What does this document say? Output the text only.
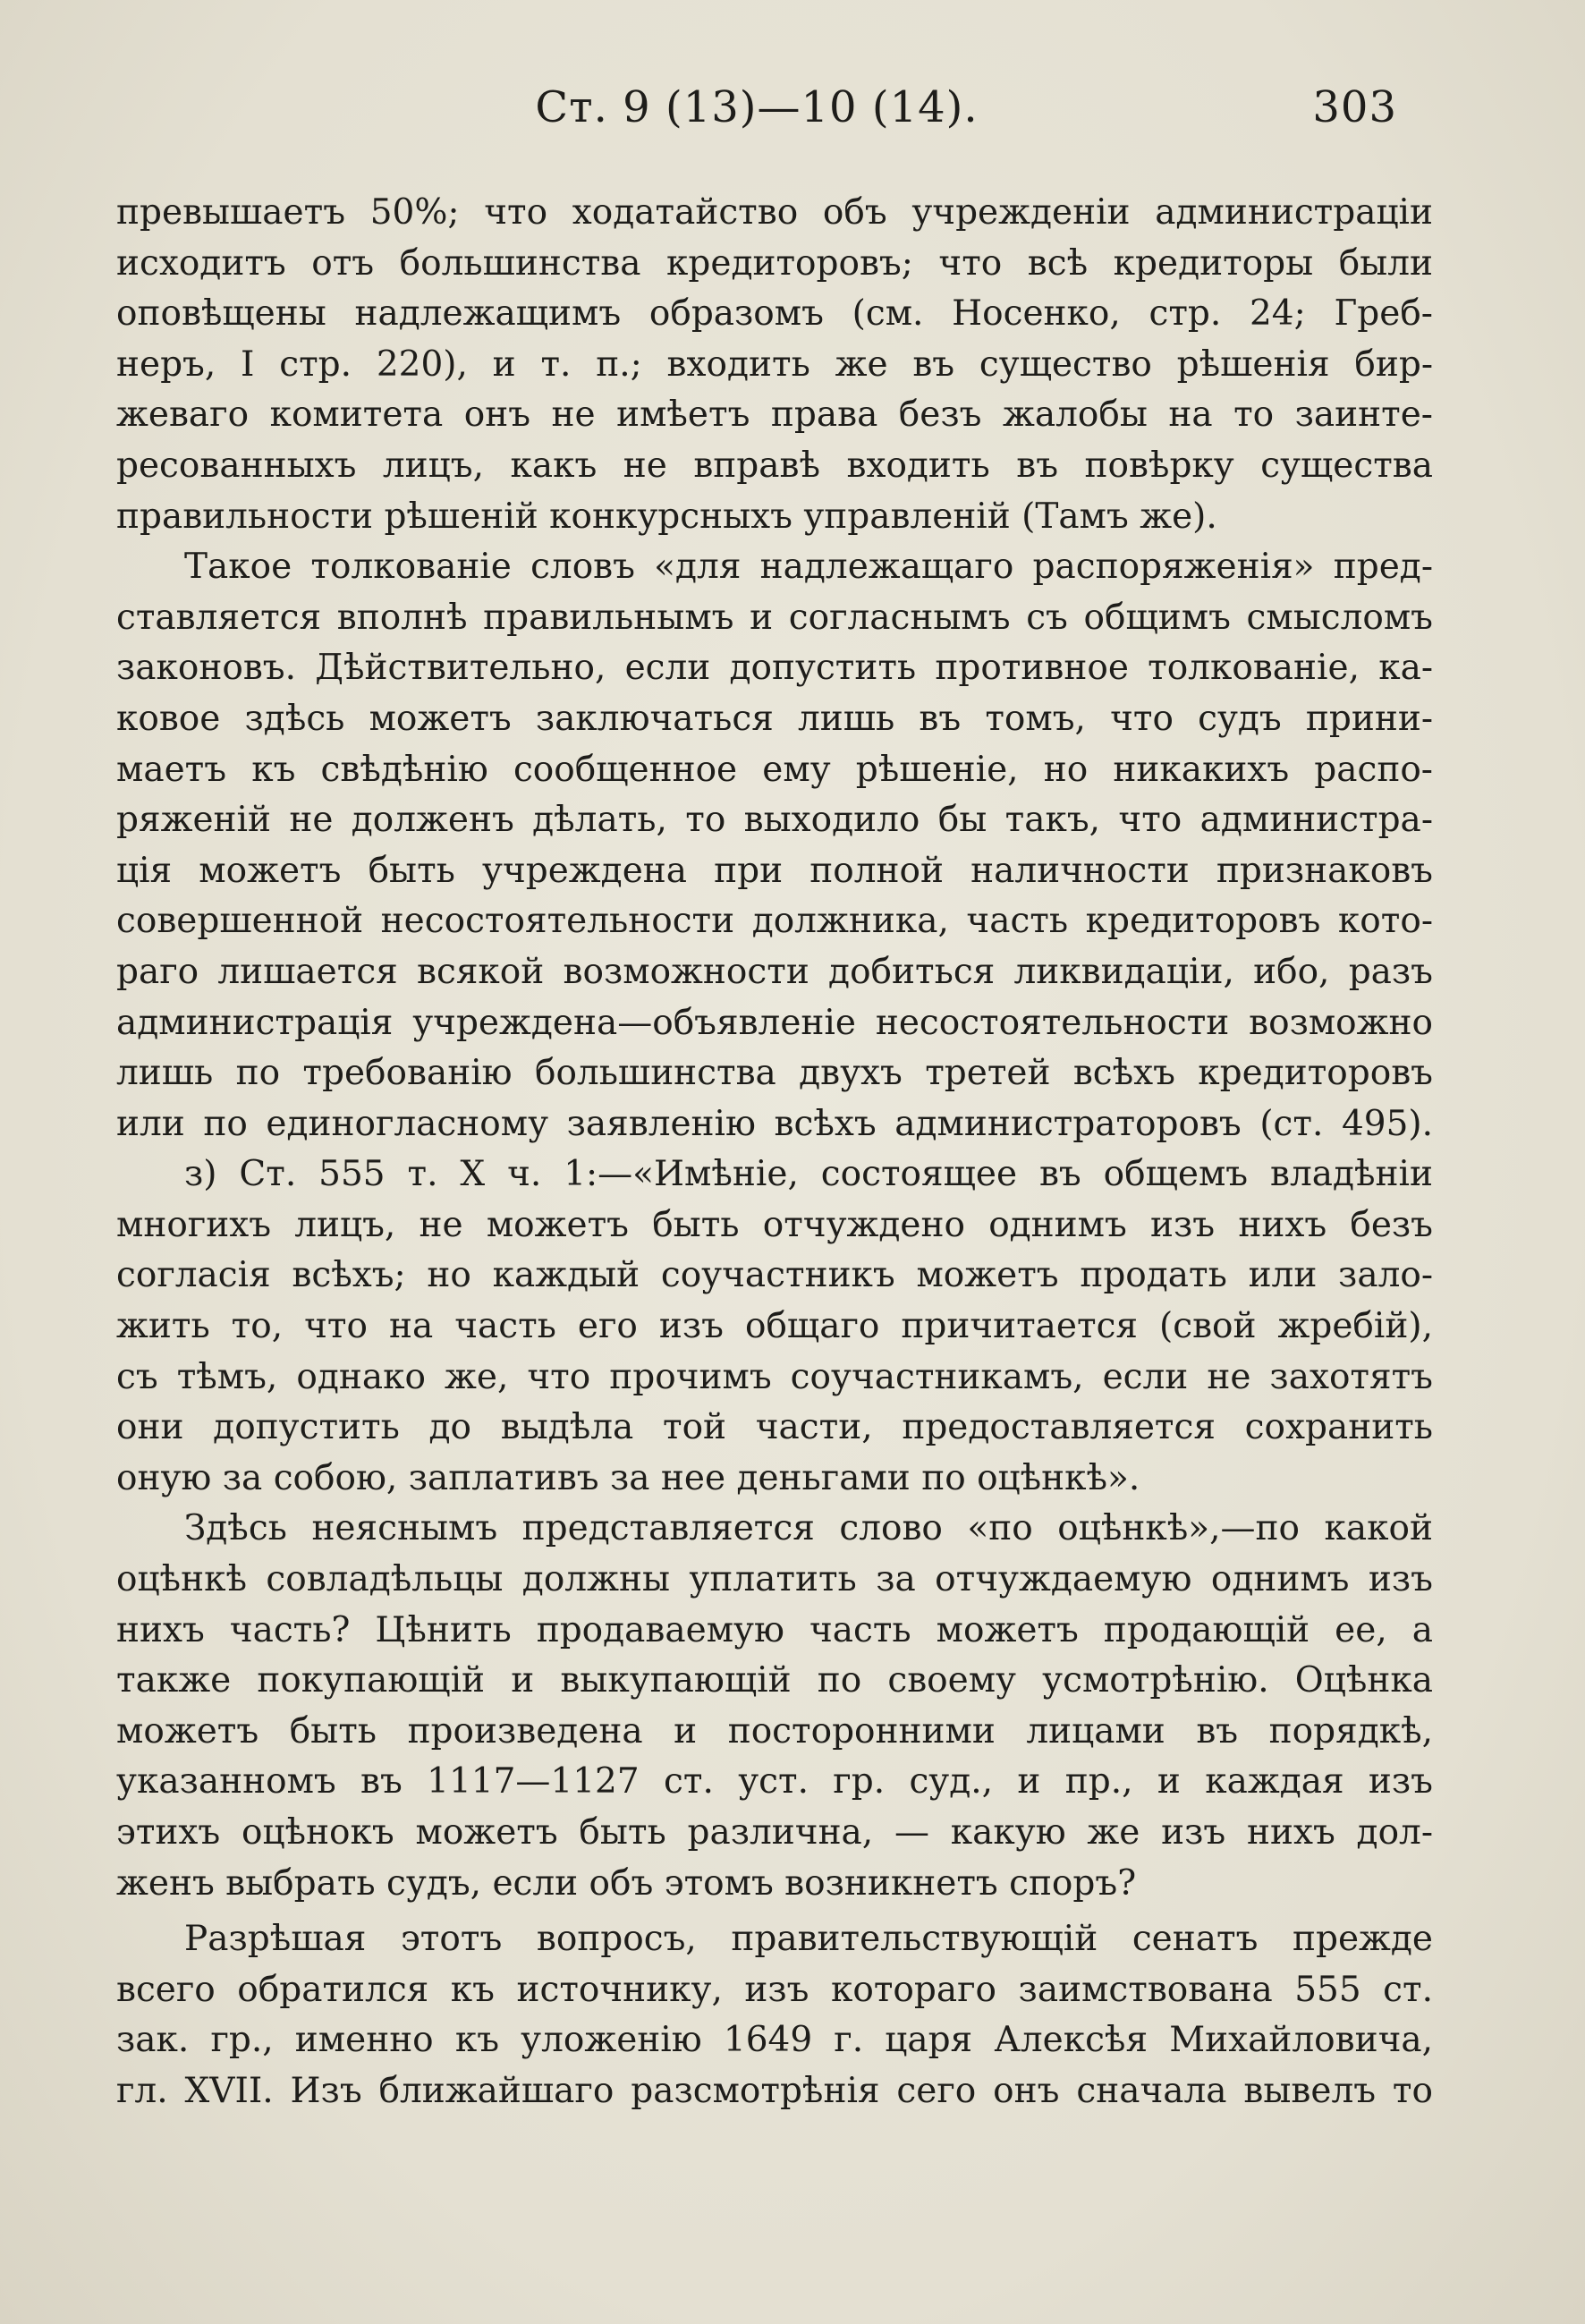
Ст. 9 (13)—10 (14).	303
превышаетъ 50%; что ходатайство объ учрежденіи администраціи
исходитъ отъ большинства кредиторовъ; что всѣ кредиторы были
оповѣщены надлежащимъ образомъ (см. Носенко, стр. 24; Греб-
неръ, I стр. 220), и т. п.; входить же въ существо рѣшенія бир-
жеваго комитета онъ не имѣетъ права безъ жалобы на то заинте-
ресованныхъ лицъ, какъ не вправѣ входить въ повѣрку существа
правильности рѣшеній конкурсныхъ управленій (Тамъ же).
Такое толкованіе словъ «для надлежащаго распоряженія» пред-
ставляется вполнѣ правильнымъ и согласнымъ съ общимъ смысломъ
законовъ. Дѣйствительно, если допустить противное толкованіе, ка-
ковое здѣсь можетъ заключаться лишь въ томъ, что судъ прини-
маетъ къ свѣдѣнію сообщенное ему рѣшеніе, но никакихъ распо-
ряженій не долженъ дѣлать, то выходило бы такъ, что администра-
ція можетъ быть учреждена при полной наличности признаковъ
совершенной несостоятельности должника, часть кредиторовъ кото-
раго лишается всякой возможности добиться ликвидаціи, ибо, разъ
администрація учреждена—объявленіе несостоятельности возможно
лишь по требованію большинства двухъ третей всѣхъ кредиторовъ
или по единогласному заявленію всѣхъ администраторовъ (ст. 495).
з) Ст. 555 т. X ч. 1:—«Имѣніе, состоящее въ общемъ владѣніи
многихъ лицъ, не можетъ быть отчуждено однимъ изъ нихъ безъ
согласія всѣхъ; но каждый соучастникъ можетъ продать или зало-
жить то, что на часть его изъ общаго причитается (свой жребій),
съ тѣмъ, однако же, что прочимъ соучастникамъ, если не захотятъ
они допустить до выдѣла той части, предоставляется сохранить
оную за собою, заплативъ за нее деньгами по оцѣнкѣ».
Здѣсь неяснымъ представляется слово «по оцѣнкѣ»,—по какой
оцѣнкѣ совладѣльцы должны уплатить за отчуждаемую однимъ изъ
нихъ часть? Цѣнить продаваемую часть можетъ продающій ее, а
также покупающій и выкупающій по своему усмотрѣнію. Оцѣнка
можетъ быть произведена и посторонними лицами въ порядкѣ,
указанномъ въ 1117—1127 ст. уст. гр. суд., и пр., и каждая изъ
этихъ оцѣнокъ можетъ быть различна, — какую же изъ нихъ дол-
женъ выбрать судъ, если объ этомъ возникнетъ споръ?
Разрѣшая этотъ вопросъ, правительствующій сенатъ прежде
всего обратился къ источнику, изъ котораго заимствована 555 ст.
зак. гр., именно къ уложенію 1649 г. царя Алексѣя Михайловича,
гл. XVII. Изъ ближайшаго разсмотрѣнія сего онъ сначала вывелъ то
